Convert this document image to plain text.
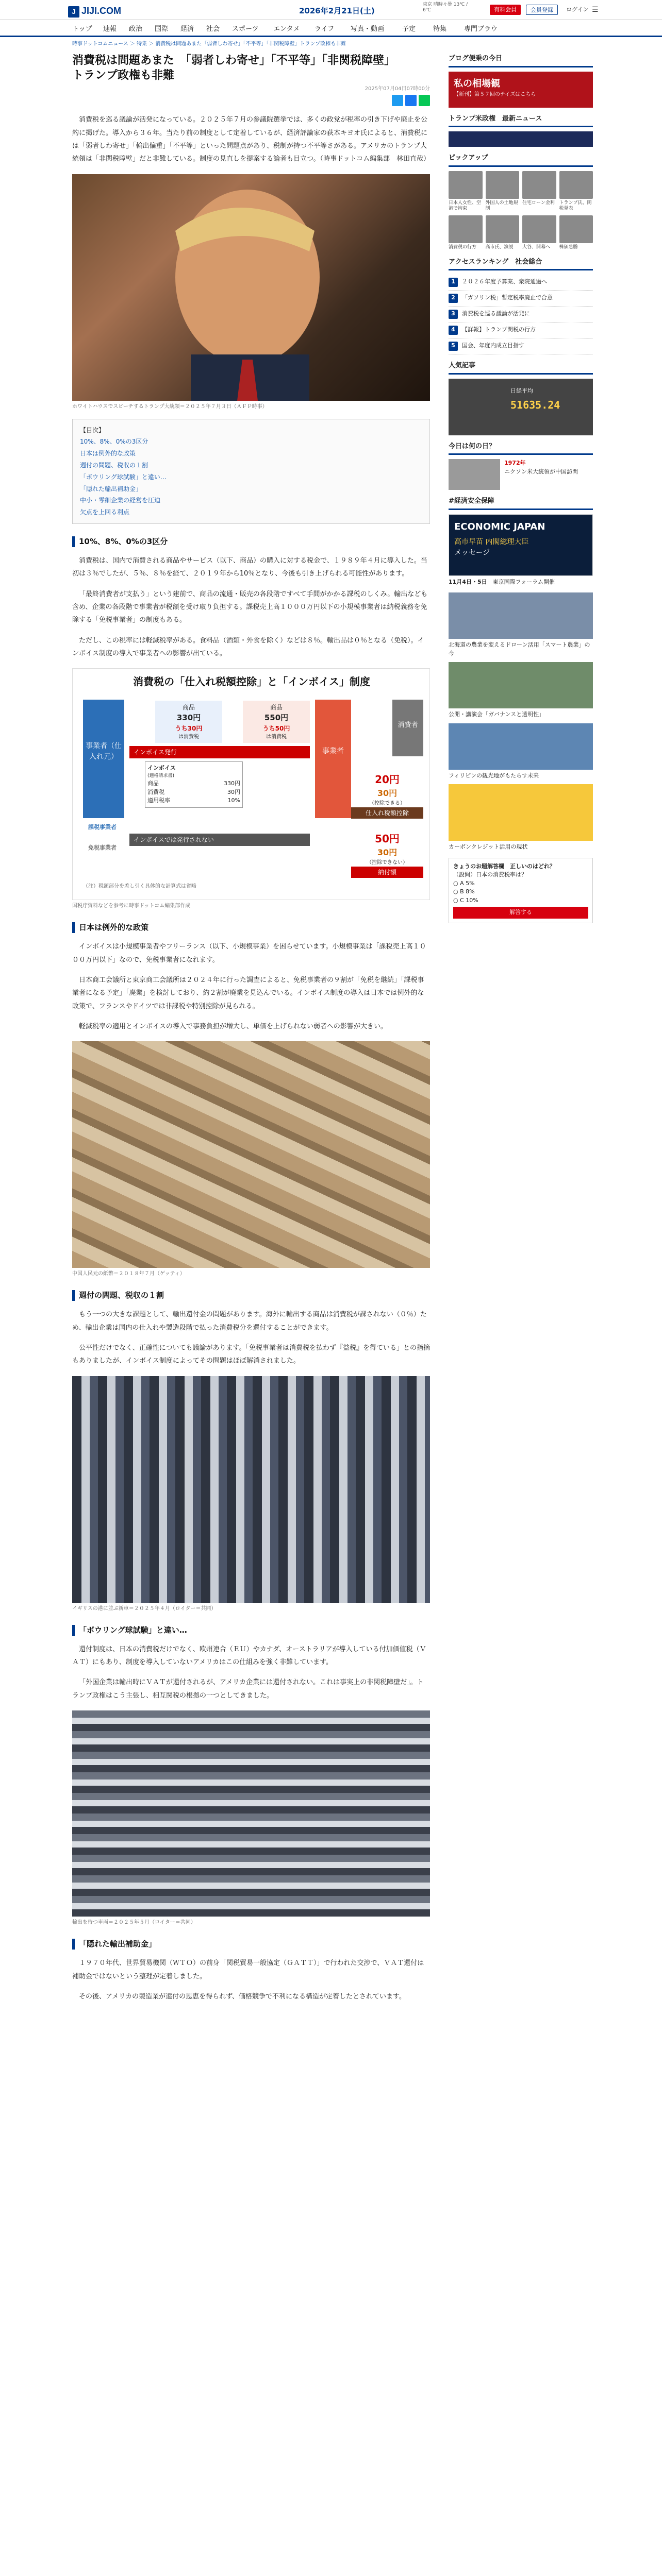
J JIJI.COM	2026年2月21日(土)
東京 晴時々曇 13℃ / 6℃	有料会員	会員登録	ログイン ☰
トップ 速報 政治 国際 経済 社会 スポーツ エンタメ ライフ 写真・動画	予定	特集	専門ブラウ
時事ドットコムニュース ＞ 特集 ＞ 消費税は問題あまた「弱者しわ寄せ」「不平等」「非関税障壁」トランプ政権も非難
消費税は問題あまた　「弱者しわ寄せ」「不平等」「非関税障壁」
トランプ政権も非難
2025年07月04日07時00分

消費税を巡る議論が活発になっている。２０２５年７月の参議院選挙では、多くの政党が税率の引き下げや廃止を公約に掲げた。導入から３６年。当たり前の制度として定着しているが、経済評論家の荻本キヨオ氏によると、消費税には「弱者しわ寄せ」「輸出偏重」「不平等」といった問題点があり、税制が持つ不平等さがある。アメリカのトランプ大統領は「非関税障壁」だと非難している。制度の見直しを提案する論者も目立つ。（時事ドットコム編集部　林田直哉）

ホワイトハウスでスピーチするトランプ大統領＝２０２５年７月３日（ＡＦＰ時事）
【目次】
10%、8%、0%の3区分
日本は例外的な政策
週付の問題、税収の１割
「ボウリング球試験」と違い…
「隠れた輸出補助金」
中小・零細企業の経営を圧迫
欠点を上回る利点
10%、8%、0%の3区分

消費税は、国内で消費される商品やサービス（以下、商品）の購入に対する税金で、１９８９年４月に導入した。当初は３％でしたが、５％、８％を経て、２０１９年から10％となり、今後も引き上げられる可能性があります。

「最終消費者が支払う」という建前で、商品の流通・販売の各段階ですべて手間がかかる課税のしくみ。輸出なども含め、企業の各段階で事業者が税額を受け取り負担する。課税売上高１０００万円以下の小規模事業者は納税義務を免除する「免税事業者」の制度もある。

ただし、この税率には軽減税率がある。食料品（酒類・外食を除く）などは８％。輸出品は０％となる（免税）。インボイス制度の導入で事業者への影響が出ている。

消費税の「仕入れ税額控除」と「インボイス」制度
事業者（仕入れ元）
事業者
消費者
商品
330円
うち30円
は消費税
商品
550円
うち50円
は消費税
インボイス発行
インボイス
(適格請求書)
商品	330円
消費税	30円
適用税率	10%
課税事業者
免税事業者
20円
30円
（控除できる）
仕入れ税額控除
インボイスでは発行されない	50円
30円
（控除できない）
納付額
（注）税額部分を差し引く具体的な計算式は省略
国税庁資料などを参考に時事ドットコム編集部作成
日本は例外的な政策

インボイスは小規模事業者やフリーランス（以下、小規模事業）を困らせています。小規模事業は「課税売上高１０００万円以下」なので、免税事業者になれます。

日本商工会議所と東京商工会議所は２０２４年に行った調査によると、免税事業者の９割が「免税を継続」「課税事業者になる予定」「廃業」を検討しており、約２割が廃業を見込んでいる。インボイス制度の導入は日本では例外的な政策で、フランスやドイツでは非課税や特別控除が見られる。

軽減税率の適用とインボイスの導入で事務負担が増大し、単価を上げられない弱者への影響が大きい。

中国人民元の紙幣＝２０１８年７月（ゲッティ）
週付の問題、税収の１割

もう一つの大きな課題として、輸出還付金の問題があります。海外に輸出する商品は消費税が課されない（０％）ため、輸出企業は国内の仕入れや製造段階で払った消費税分を還付することができます。

公平性だけでなく、正確性についても議論があります。「免税事業者は消費税を払わず『益税』を得ている」との指摘もありましたが、インボイス制度によってその問題はほぼ解消されました。

イギリスの港に並ぶ新車＝２０２５年４月（ロイター＝共同）
「ボウリング球試験」と違い…

還付制度は、日本の消費税だけでなく、欧州連合（ＥＵ）やカナダ、オーストラリアが導入している付加価値税（ＶＡＴ）にもあり、制度を導入していないアメリカはこの仕組みを強く非難しています。

「外国企業は輸出時にＶＡＴが還付されるが、アメリカ企業には還付されない。これは事実上の非関税障壁だ」。トランプ政権はこう主張し、相互関税の根拠の一つとしてきました。

輸出を待つ車両＝２０２５年５月（ロイター＝共同）
「隠れた輸出補助金」

１９７０年代、世界貿易機関（ＷＴＯ）の前身「関税貿易一般協定（ＧＡＴＴ）」で行われた交渉で、ＶＡＴ還付は補助金ではないという整理が定着しました。

その後、アメリカの製造業が還付の恩恵を得られず、価格競争で不利になる構造が定着したとされています。

ブログ便乗の今日
私の相場観
【新刊】第５７回のテイズはこちら
トランプ米政権　最新ニュース
ピックアップ
日本人女性、空港で拘束
外国人の土地規制
住宅ローン金利 トランプ氏、関税発表
消費税の行方	高市氏、演説	大谷、開幕へ	株価急騰
アクセスランキング　社会総合
1	２０２６年度予算案、衆院通過へ
2	「ガソリン税」暫定税率廃止で合意
3	消費税を巡る議論が活発に
4	【詳報】トランプ関税の行方
5	国会、年度内成立目指す
人気記事
51635.24
日経平均
今日は何の日？
1972年
ニクソン米大統領が中国訪問
#経済安全保障
ECONOMIC JAPAN
高市早苗 内閣総理大臣
メッセージ
11月4日・5日　 東京国際フォーラム開催
北海道の農業を変えるドローン活用「スマート農業」の今
公開・講演会「ガバナンスと透明性」
フィリピンの観光地がもたらす未来
カーボンクレジット活用の現状
きょうのお題解答欄　正しいのはどれ？
（設問）日本の消費税率は？
○ A 5%
○ B 8%
○ C 10%
解答する
